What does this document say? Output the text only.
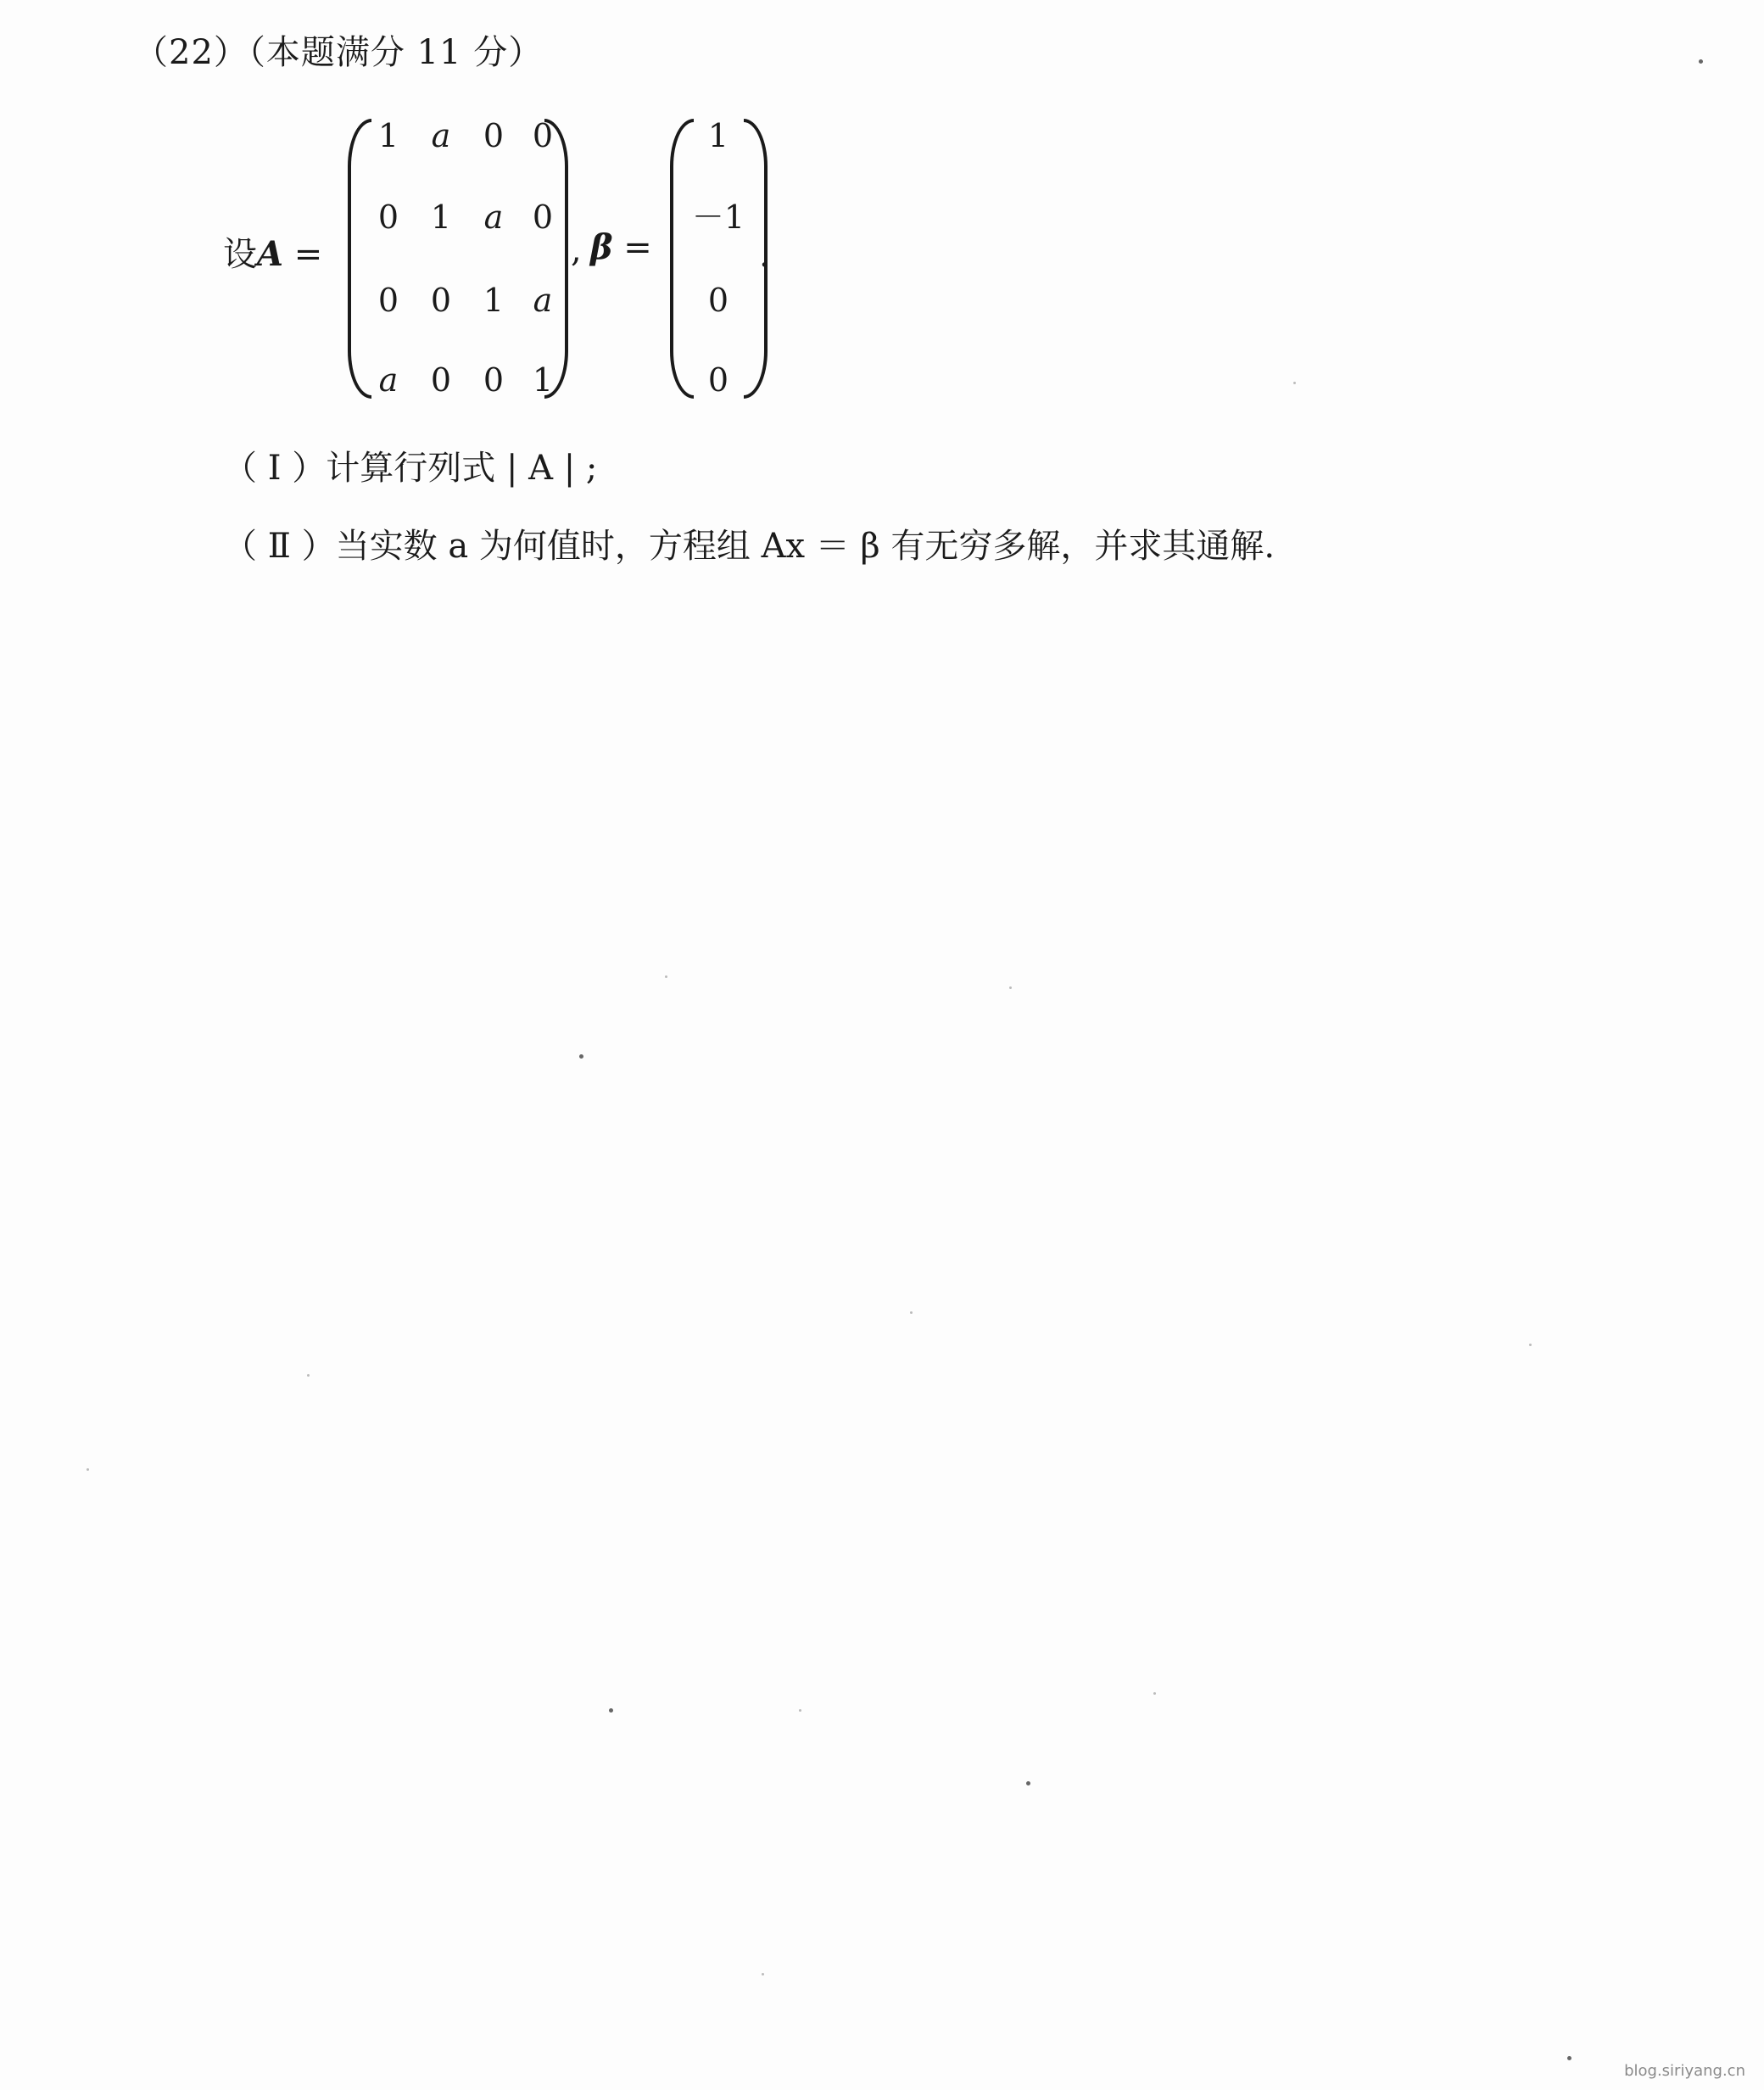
（22）（本题满分 11 分）
设A =
1	a	0 0
0 1	a 0
0 0 1 a
a	0 0 1
, β =
1
－1
0
0
.
（ Ⅰ ）计算行列式 | A | ;
（ Ⅱ ）当实数 a 为何值时，方程组 Ax ＝ β 有无穷多解，并求其通解.
blog.siriyang.cn
